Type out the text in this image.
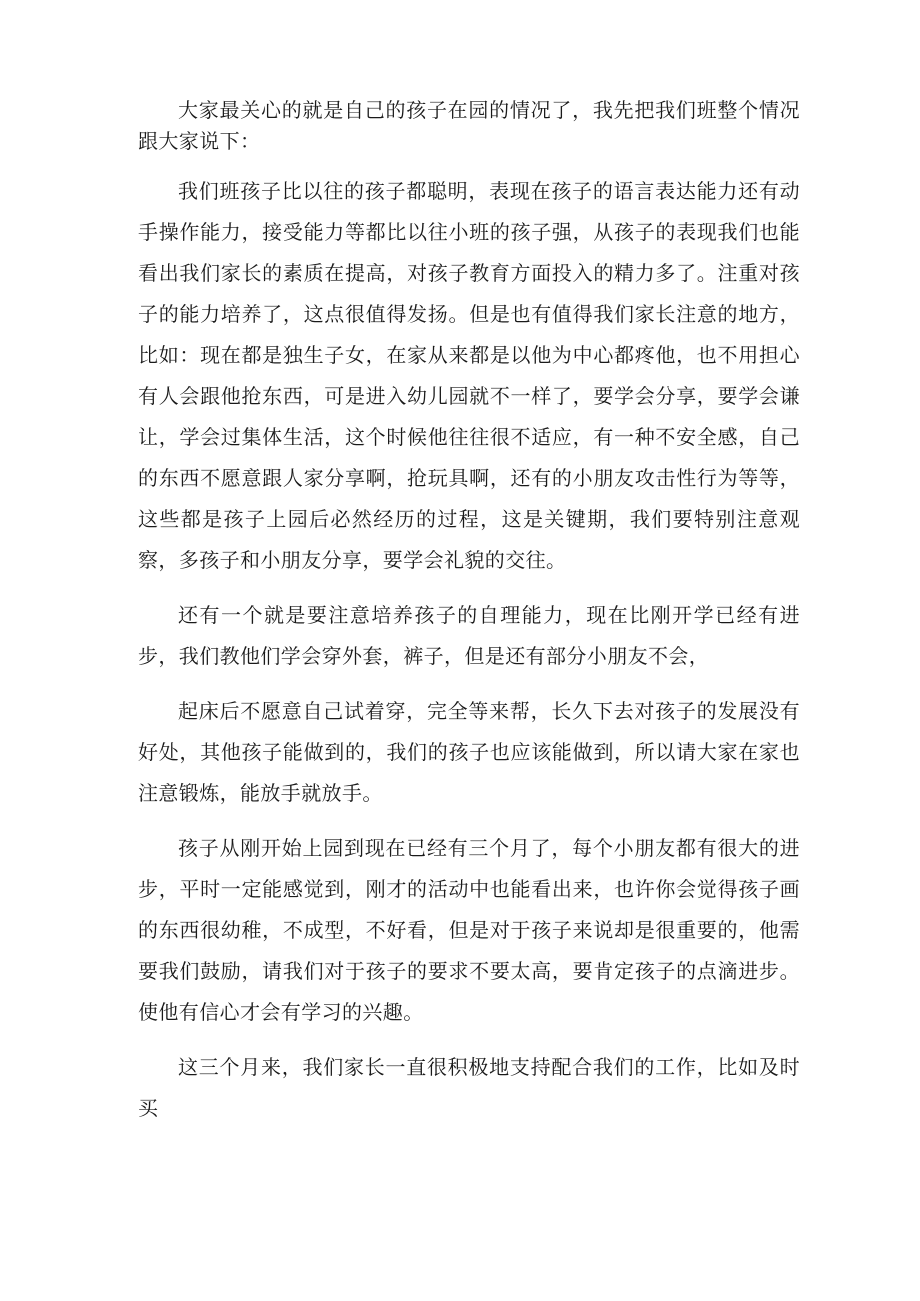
大家最关心的就是自己的孩子在园的情况了，我先把我们班整个情况跟大家说下：

我们班孩子比以往的孩子都聪明，表现在孩子的语言表达能力还有动手操作能力，接受能力等都比以往小班的孩子强，从孩子的表现我们也能看出我们家长的素质在提高，对孩子教育方面投入的精力多了。注重对孩子的能力培养了，这点很值得发扬。但是也有值得我们家长注意的地方，比如：现在都是独生子女，在家从来都是以他为中心都疼他，也不用担心有人会跟他抢东西，可是进入幼儿园就不一样了，要学会分享，要学会谦让，学会过集体生活，这个时候他往往很不适应，有一种不安全感，自己的东西不愿意跟人家分享啊，抢玩具啊，还有的小朋友攻击性行为等等，这些都是孩子上园后必然经历的过程，这是关键期，我们要特别注意观察，多孩子和小朋友分享，要学会礼貌的交往。

还有一个就是要注意培养孩子的自理能力，现在比刚开学已经有进步，我们教他们学会穿外套，裤子，但是还有部分小朋友不会，

起床后不愿意自己试着穿，完全等来帮，长久下去对孩子的发展没有好处，其他孩子能做到的，我们的孩子也应该能做到，所以请大家在家也注意锻炼，能放手就放手。

孩子从刚开始上园到现在已经有三个月了，每个小朋友都有很大的进步，平时一定能感觉到，刚才的活动中也能看出来，也许你会觉得孩子画的东西很幼稚，不成型，不好看，但是对于孩子来说却是很重要的，他需要我们鼓励，请我们对于孩子的要求不要太高，要肯定孩子的点滴进步。使他有信心才会有学习的兴趣。

这三个月来，我们家长一直很积极地支持配合我们的工作，比如及时买
